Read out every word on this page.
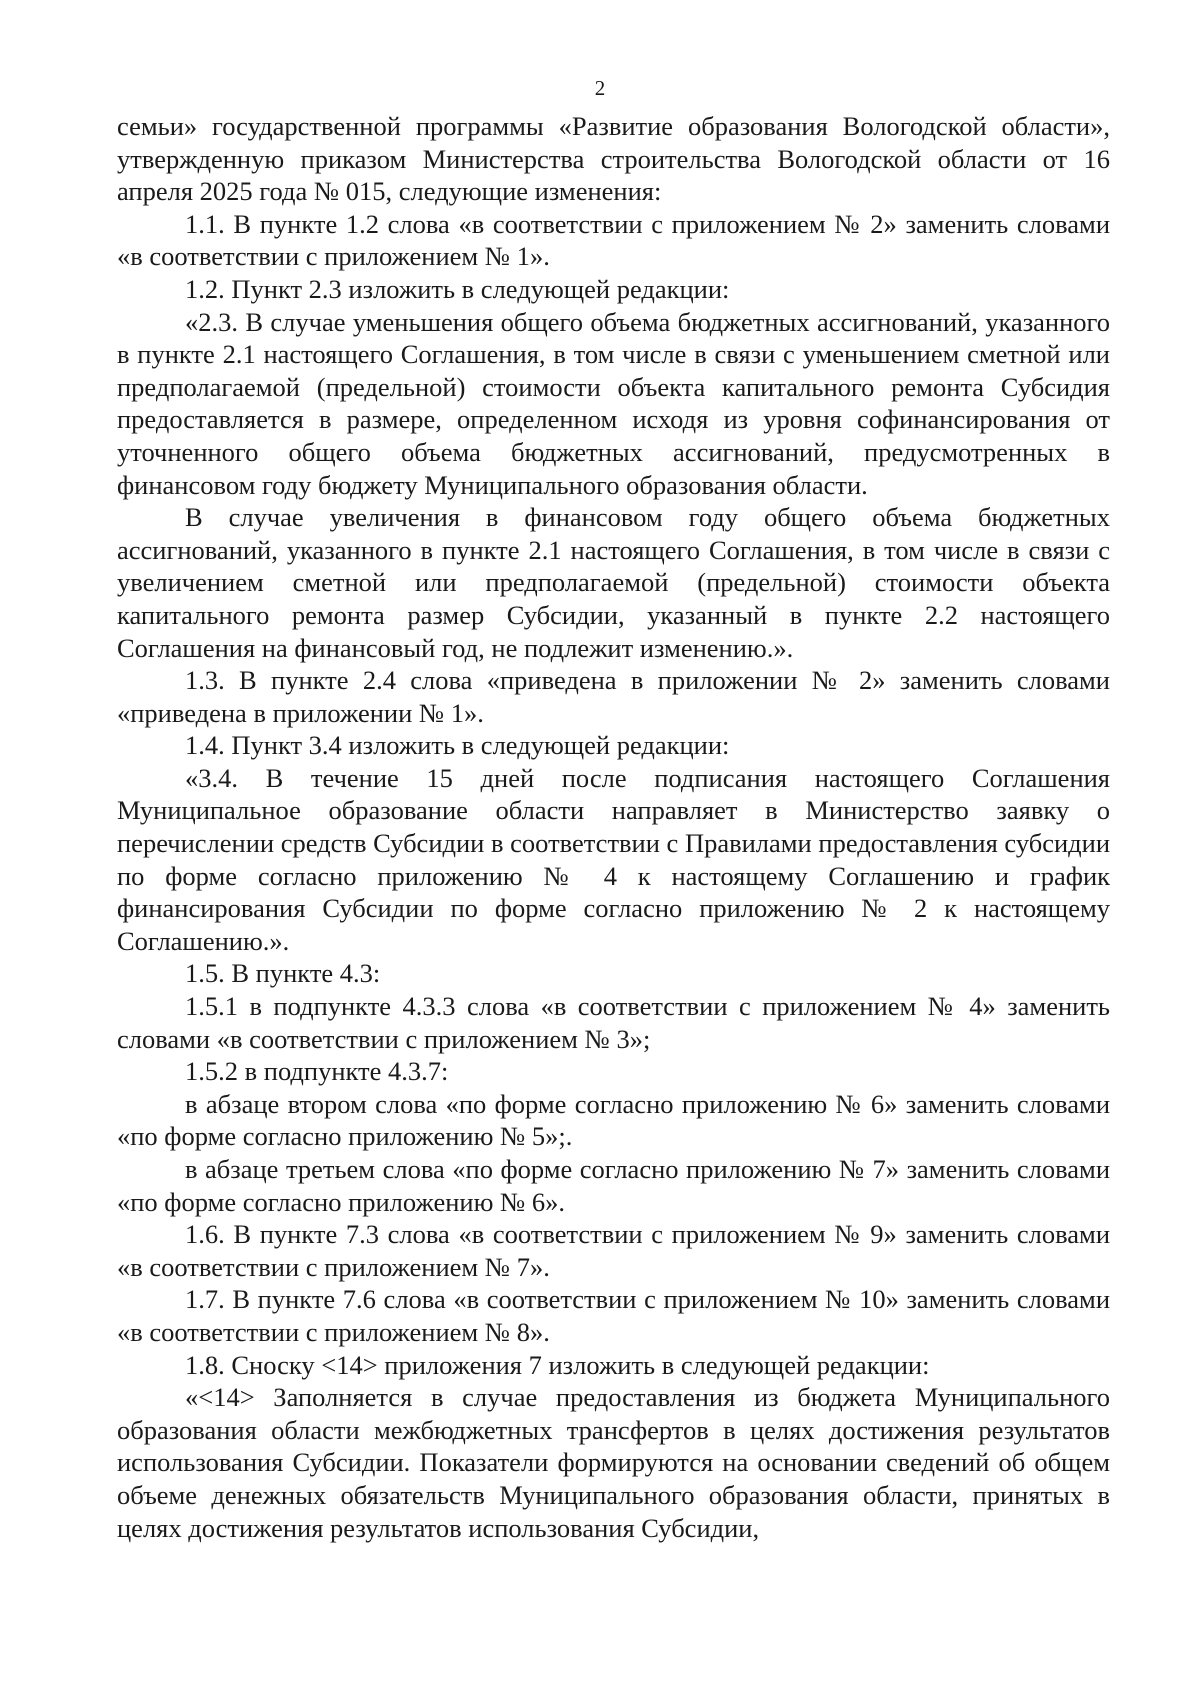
2

семьи» государственной программы «Развитие образования Вологодской области», утвержденную приказом Министерства строительства Вологодской области от 16 апреля 2025 года № 015, следующие изменения:

1.1. В пункте 1.2 слова «в соответствии с приложением № 2» заменить словами «в соответствии с приложением № 1».

1.2. Пункт 2.3 изложить в следующей редакции:

«2.3. В случае уменьшения общего объема бюджетных ассигнований, указанного в пункте 2.1 настоящего Соглашения, в том числе в связи с уменьшением сметной или предполагаемой (предельной) стоимости объекта капитального ремонта Субсидия предоставляется в размере, определенном исходя из уровня софинансирования от уточненного общего объема бюджетных ассигнований, предусмотренных в финансовом году бюджету Муниципального образования области.

В случае увеличения в финансовом году общего объема бюджетных ассигнований, указанного в пункте 2.1 настоящего Соглашения, в том числе в связи с увеличением сметной или предполагаемой (предельной) стоимости объекта капитального ремонта размер Субсидии, указанный в пункте 2.2 настоящего Соглашения на финансовый год, не подлежит изменению.».

1.3. В пункте 2.4 слова «приведена в приложении № 2» заменить словами «приведена в приложении № 1».

1.4. Пункт 3.4 изложить в следующей редакции:

«3.4. В течение 15 дней после подписания настоящего Соглашения Муниципальное образование области направляет в Министерство заявку о перечислении средств Субсидии в соответствии с Правилами предоставления субсидии по форме согласно приложению № 4 к настоящему Соглашению и график финансирования Субсидии по форме согласно приложению № 2 к настоящему Соглашению.».

1.5. В пункте 4.3:

1.5.1 в подпункте 4.3.3 слова «в соответствии с приложением № 4» заменить словами «в соответствии с приложением № 3»;

1.5.2 в подпункте 4.3.7:

в абзаце втором слова «по форме согласно приложению № 6» заменить словами «по форме согласно приложению № 5»;.

в абзаце третьем слова «по форме согласно приложению № 7» заменить словами «по форме согласно приложению № 6».

1.6. В пункте 7.3 слова «в соответствии с приложением № 9» заменить словами «в соответствии с приложением № 7».

1.7. В пункте 7.6 слова «в соответствии с приложением № 10» заменить словами «в соответствии с приложением № 8».

1.8. Сноску <14> приложения 7 изложить в следующей редакции:

«<14> Заполняется в случае предоставления из бюджета Муниципального образования области межбюджетных трансфертов в целях достижения результатов использования Субсидии. Показатели формируются на основании сведений об общем объеме денежных обязательств Муниципального образования области, принятых в целях достижения результатов использования Субсидии,
